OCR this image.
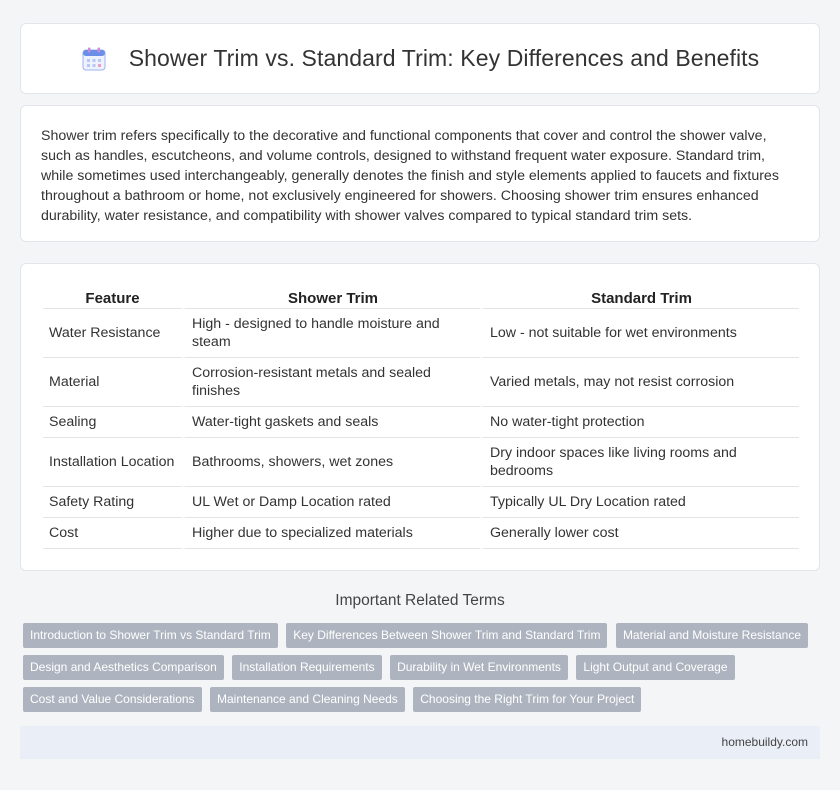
Shower Trim vs. Standard Trim: Key Differences and Benefits

Shower trim refers specifically to the decorative and functional components that cover and control the shower valve, such as handles, escutcheons, and volume controls, designed to withstand frequent water exposure. Standard trim, while sometimes used interchangeably, generally denotes the finish and style elements applied to faucets and fixtures throughout a bathroom or home, not exclusively engineered for showers. Choosing shower trim ensures enhanced durability, water resistance, and compatibility with shower valves compared to typical standard trim sets.

Feature	Shower Trim	Standard Trim
Water Resistance	High - designed to handle moisture and steam	Low - not suitable for wet environments
Material	Corrosion-resistant metals and sealed finishes	Varied metals, may not resist corrosion
Sealing	Water-tight gaskets and seals	No water-tight protection
Installation Location	Bathrooms, showers, wet zones	Dry indoor spaces like living rooms and bedrooms
Safety Rating	UL Wet or Damp Location rated	Typically UL Dry Location rated
Cost	Higher due to specialized materials	Generally lower cost
Important Related Terms
Introduction to Shower Trim vs Standard Trim Key Differences Between Shower Trim and Standard Trim Material and Moisture Resistance
Design and Aesthetics Comparison Installation Requirements Durability in Wet Environments Light Output and Coverage
Cost and Value Considerations Maintenance and Cleaning Needs Choosing the Right Trim for Your Project
homebuildy.com
